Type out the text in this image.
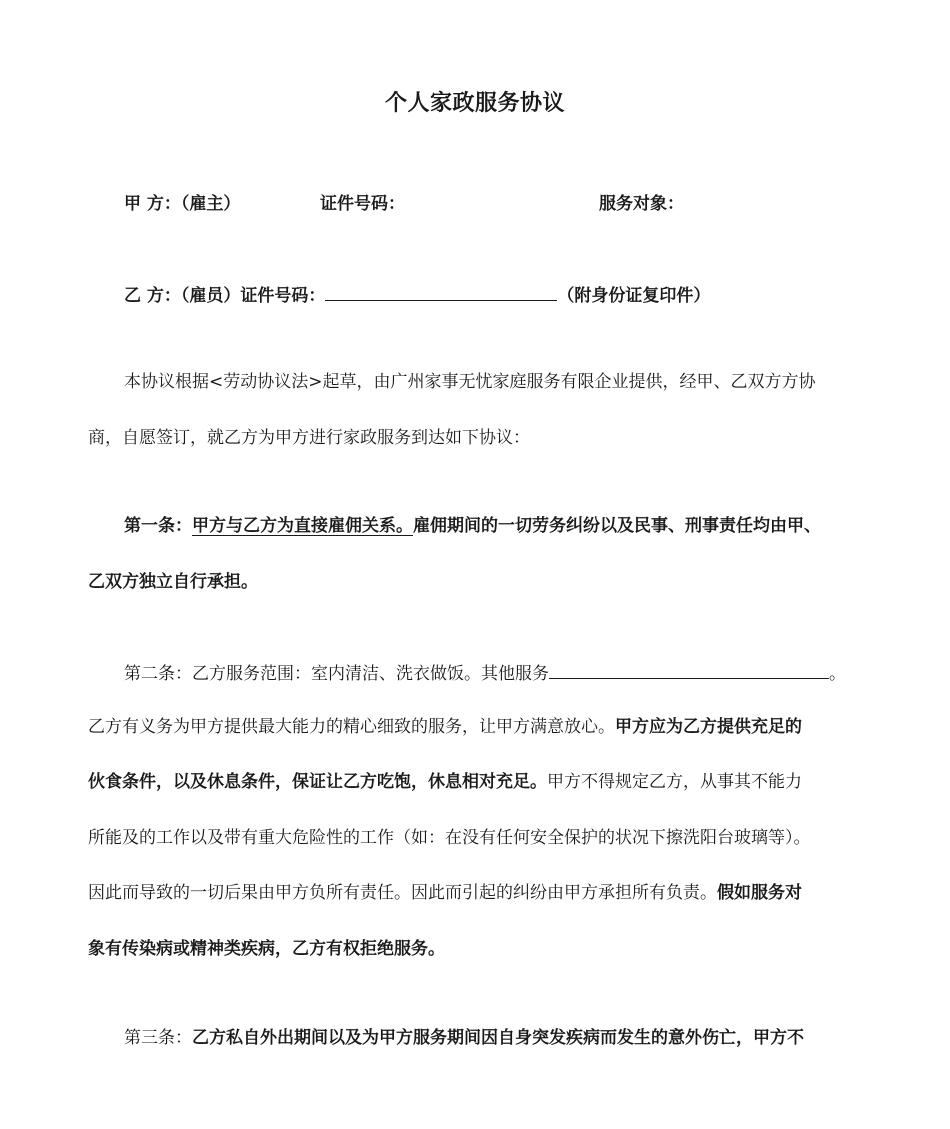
个人家政服务协议
甲 方：（雇主）	证件号码：	服务对象：
乙 方：（雇员）证件号码：	（附身份证复印件）
本协议根据<劳动协议法>起草，由广州家事无忧家庭服务有限企业提供，经甲、乙双方方协
商，自愿签订，就乙方为甲方进行家政服务到达如下协议：
第一条：甲方与乙方为直接雇佣关系。雇佣期间的一切劳务纠纷以及民事、刑事责任均由甲、
乙双方独立自行承担。
第二条：乙方服务范围：室内清洁、洗衣做饭。其他服务	。
乙方有义务为甲方提供最大能力的精心细致的服务，让甲方满意放心。甲方应为乙方提供充足的
伙食条件，以及休息条件，保证让乙方吃饱，休息相对充足。甲方不得规定乙方，从事其不能力
所能及的工作以及带有重大危险性的工作（如：在没有任何安全保护的状况下擦洗阳台玻璃等）。
因此而导致的一切后果由甲方负所有责任。因此而引起的纠纷由甲方承担所有负责。假如服务对
象有传染病或精神类疾病，乙方有权拒绝服务。
第三条：乙方私自外出期间以及为甲方服务期间因自身突发疾病而发生的意外伤亡，甲方不
